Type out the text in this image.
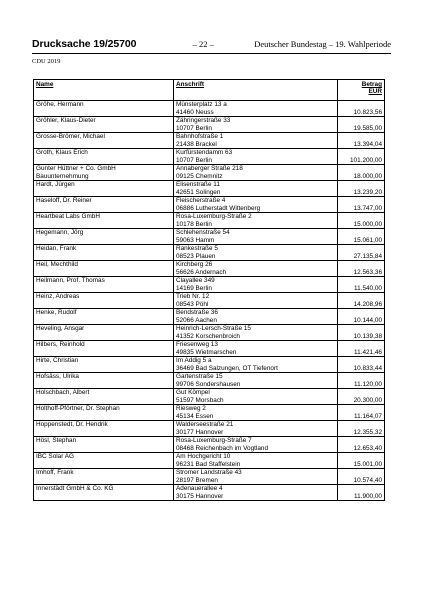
Drucksache 19/25700	– 22 –	Deutscher Bundestag – 19. Wahlperiode
CDU 2019
Name	Anschrift	Betrag
EUR

Gröhe, Hermann	Münsterplatz 13 a
41460 Neuss	10.823,56

Gröhler, Klaus-Dieter	Zähringerstraße 33
10707 Berlin	19.585,00

Grosse-Brömer, Michael	Bahnhofstraße 1
21438 Brackel	13.394,04

Groth, Klaus Erich	Kurfürstendamm 63
10707 Berlin	101.200,00

Gunter Hüttner + Co. GmbH
Bauunternehmung	Annaberger Straße 218
09125 Chemnitz	18.000,00

Hardt, Jürgen	Elisenstraße 11
42651 Solingen	13.239,20

Haseloff, Dr. Reiner	Fleischerstraße 4
06886 Lutherstadt Wittenberg	13.747,00

Heartbeat Labs GmbH	Rosa-Luxemburg-Straße 2
10178 Berlin	15.000,00

Hegemann, Jörg	Schlehenstraße 54
59063 Hamm	15.061,00

Heidan, Frank	Rankestraße 5
08523 Plauen	27.135,84

Heil, Mechthild	Kirchberg 26
56626 Andernach	12.563,36

Heilmann, Prof. Thomas	Clayallee 349
14169 Berlin	11.540,00

Heinz, Andreas	Trieb Nr. 12
08543 Pöhl	14.208,96

Henke, Rudolf	Bendstraße 36
52066 Aachen	10.144,00

Heveling, Ansgar	Heinrich-Lersch-Straße 15
41352 Korschenbroich	10.139,38

Hilbers, Reinhold	Friesenweg 13
49835 Wietmarschen	11.421,46

Hirte, Christian	Im Addig 5 a
36469 Bad Salzungen, OT Tiefenort	10.833,44

Hofsäss, Ulrika	Gartenstraße 15
99706 Sondershausen	11.120,00

Holschbach, Albert	Gut Kömpel
51597 Morsbach	20.300,00

Holthoff-Pförtner, Dr. Stephan	Riesweg 2
45134 Essen	11.164,07

Hoppenstedt, Dr. Hendrik	Walderseestraße 21
30177 Hannover	12.355,32

Hösl, Stephan	Rosa-Luxemburg-Straße 7
08468 Reichenbach im Vogtland	12.653,40

IBC Solar AG	Am Hochgericht 10
96231 Bad Staffelstein	15.001,00

Imhoff, Frank	Stromer Landstraße 43
28197 Bremen	10.574,40

Innerstädt GmbH & Co. KG	Adenauerallee 4
30175 Hannover	11.900,00
